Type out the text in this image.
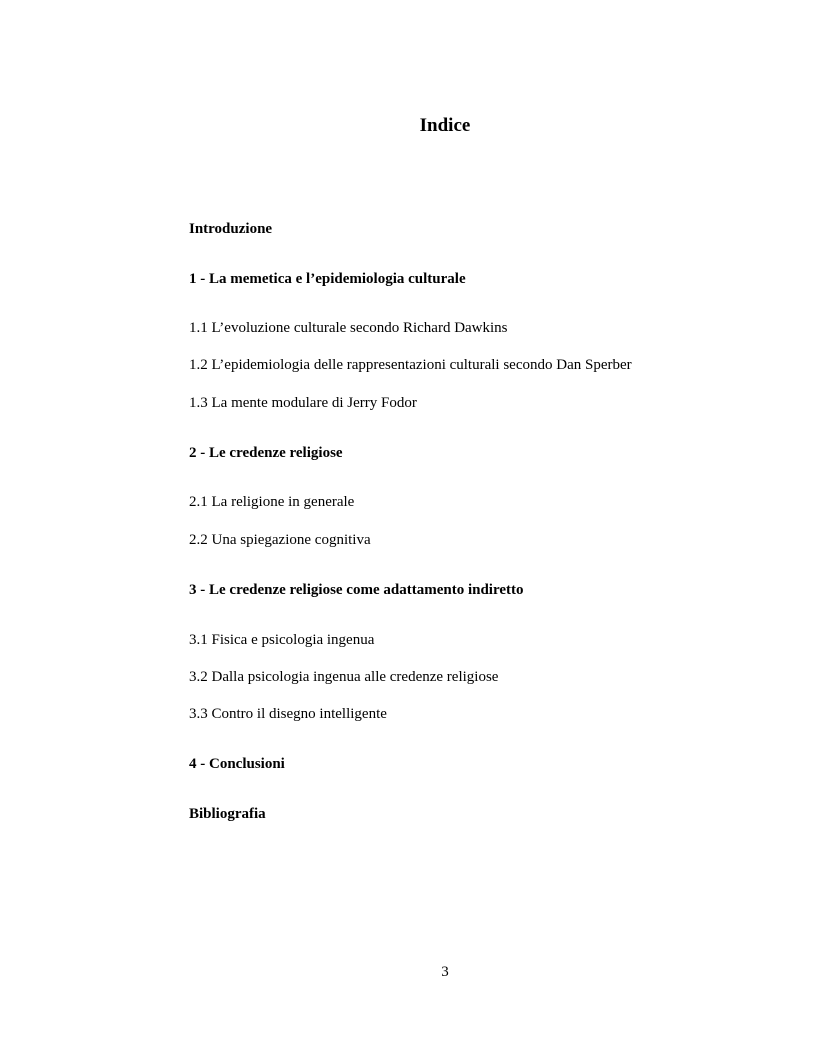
Indice
Introduzione
1 - La memetica e l’epidemiologia culturale
1.1 L’evoluzione culturale secondo Richard Dawkins
1.2 L’epidemiologia delle rappresentazioni culturali secondo Dan Sperber
1.3 La mente modulare di Jerry Fodor
2 - Le credenze religiose
2.1 La religione in generale
2.2 Una spiegazione cognitiva
3 - Le credenze religiose come adattamento indiretto
3.1 Fisica e psicologia ingenua
3.2 Dalla psicologia ingenua alle credenze religiose
3.3 Contro il disegno intelligente
4 - Conclusioni
Bibliografia
3
